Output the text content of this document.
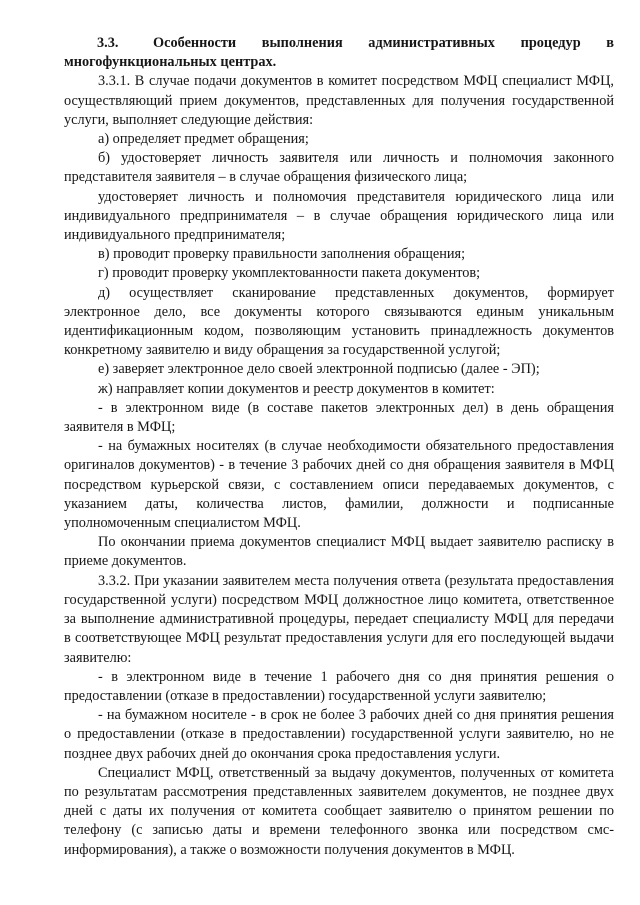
3.3. Особенности выполнения административных процедур в многофункциональных центрах.
3.3.1. В случае подачи документов в комитет посредством МФЦ специалист МФЦ, осуществляющий прием документов, представленных для получения государственной услуги, выполняет следующие действия:
а) определяет предмет обращения;
б) удостоверяет личность заявителя или личность и полномочия законного представителя заявителя – в случае обращения физического лица;
удостоверяет личность и полномочия представителя юридического лица или индивидуального предпринимателя – в случае обращения юридического лица или индивидуального предпринимателя;
в) проводит проверку правильности заполнения обращения;
г) проводит проверку укомплектованности пакета документов;
д) осуществляет сканирование представленных документов, формирует электронное дело, все документы которого связываются единым уникальным идентификационным кодом, позволяющим установить принадлежность документов конкретному заявителю и виду обращения за государственной услугой;
е) заверяет электронное дело своей электронной подписью (далее - ЭП);
ж) направляет копии документов и реестр документов в комитет:
- в электронном виде (в составе пакетов электронных дел) в день обращения заявителя в МФЦ;
- на бумажных носителях (в случае необходимости обязательного предоставления оригиналов документов) - в течение 3 рабочих дней со дня обращения заявителя в МФЦ посредством курьерской связи, с составлением описи передаваемых документов, с указанием даты, количества листов, фамилии, должности и подписанные уполномоченным специалистом МФЦ.
По окончании приема документов специалист МФЦ выдает заявителю расписку в приеме документов.
3.3.2. При указании заявителем места получения ответа (результата предоставления государственной услуги) посредством МФЦ должностное лицо комитета, ответственное за выполнение административной процедуры, передает специалисту МФЦ для передачи в соответствующее МФЦ результат предоставления услуги для его последующей выдачи заявителю:
- в электронном виде в течение 1 рабочего дня со дня принятия решения о предоставлении (отказе в предоставлении) государственной услуги заявителю;
- на бумажном носителе - в срок не более 3 рабочих дней со дня принятия решения о предоставлении (отказе в предоставлении) государственной услуги заявителю, но не позднее двух рабочих дней до окончания срока предоставления услуги.
Специалист МФЦ, ответственный за выдачу документов, полученных от комитета по результатам рассмотрения представленных заявителем документов, не позднее двух дней с даты их получения от комитета сообщает заявителю о принятом решении по телефону (с записью даты и времени телефонного звонка или посредством смс-информирования), а также о возможности получения документов в МФЦ.
